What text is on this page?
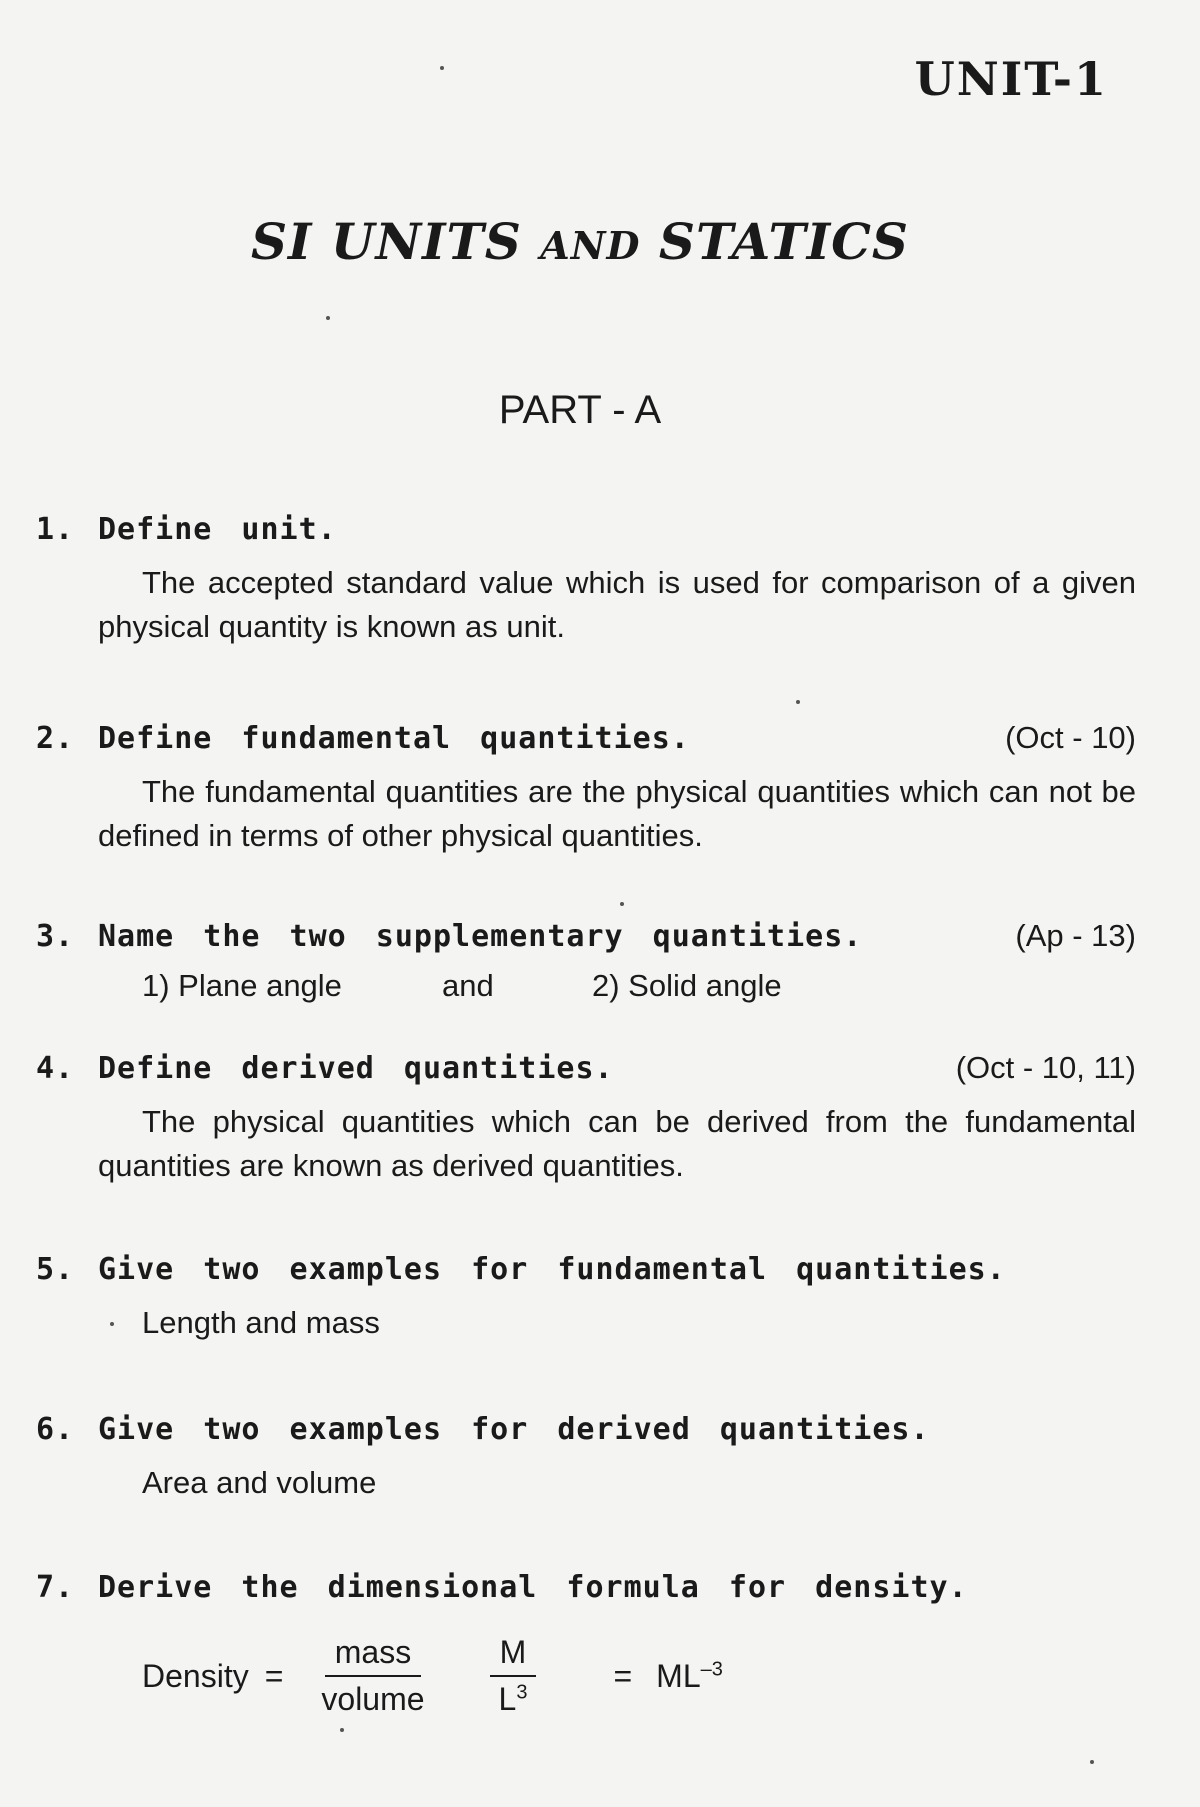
UNIT-1
SI UNITS AND STATICS
PART - A
1. Define unit.
The accepted standard value which is used for comparison of a given physical quantity is known as unit.
2. Define fundamental quantities.	(Oct - 10)
The fundamental quantities are the physical quantities which can not be defined in terms of other physical quantities.
3. Name the two supplementary quantities.	(Ap - 13)
1) Plane angle	and	2) Solid angle
4. Define derived quantities.	(Oct - 10, 11)
The physical quantities which can be derived from the fundamental quantities are known as derived quantities.
5. Give two examples for fundamental quantities.
Length and mass
6. Give two examples for derived quantities.
Area and volume
7. Derive the dimensional formula for density.
Density = $\frac{\text{mass}}{\text{volume}} \frac{M}{L^3} = ML^{-3}$
